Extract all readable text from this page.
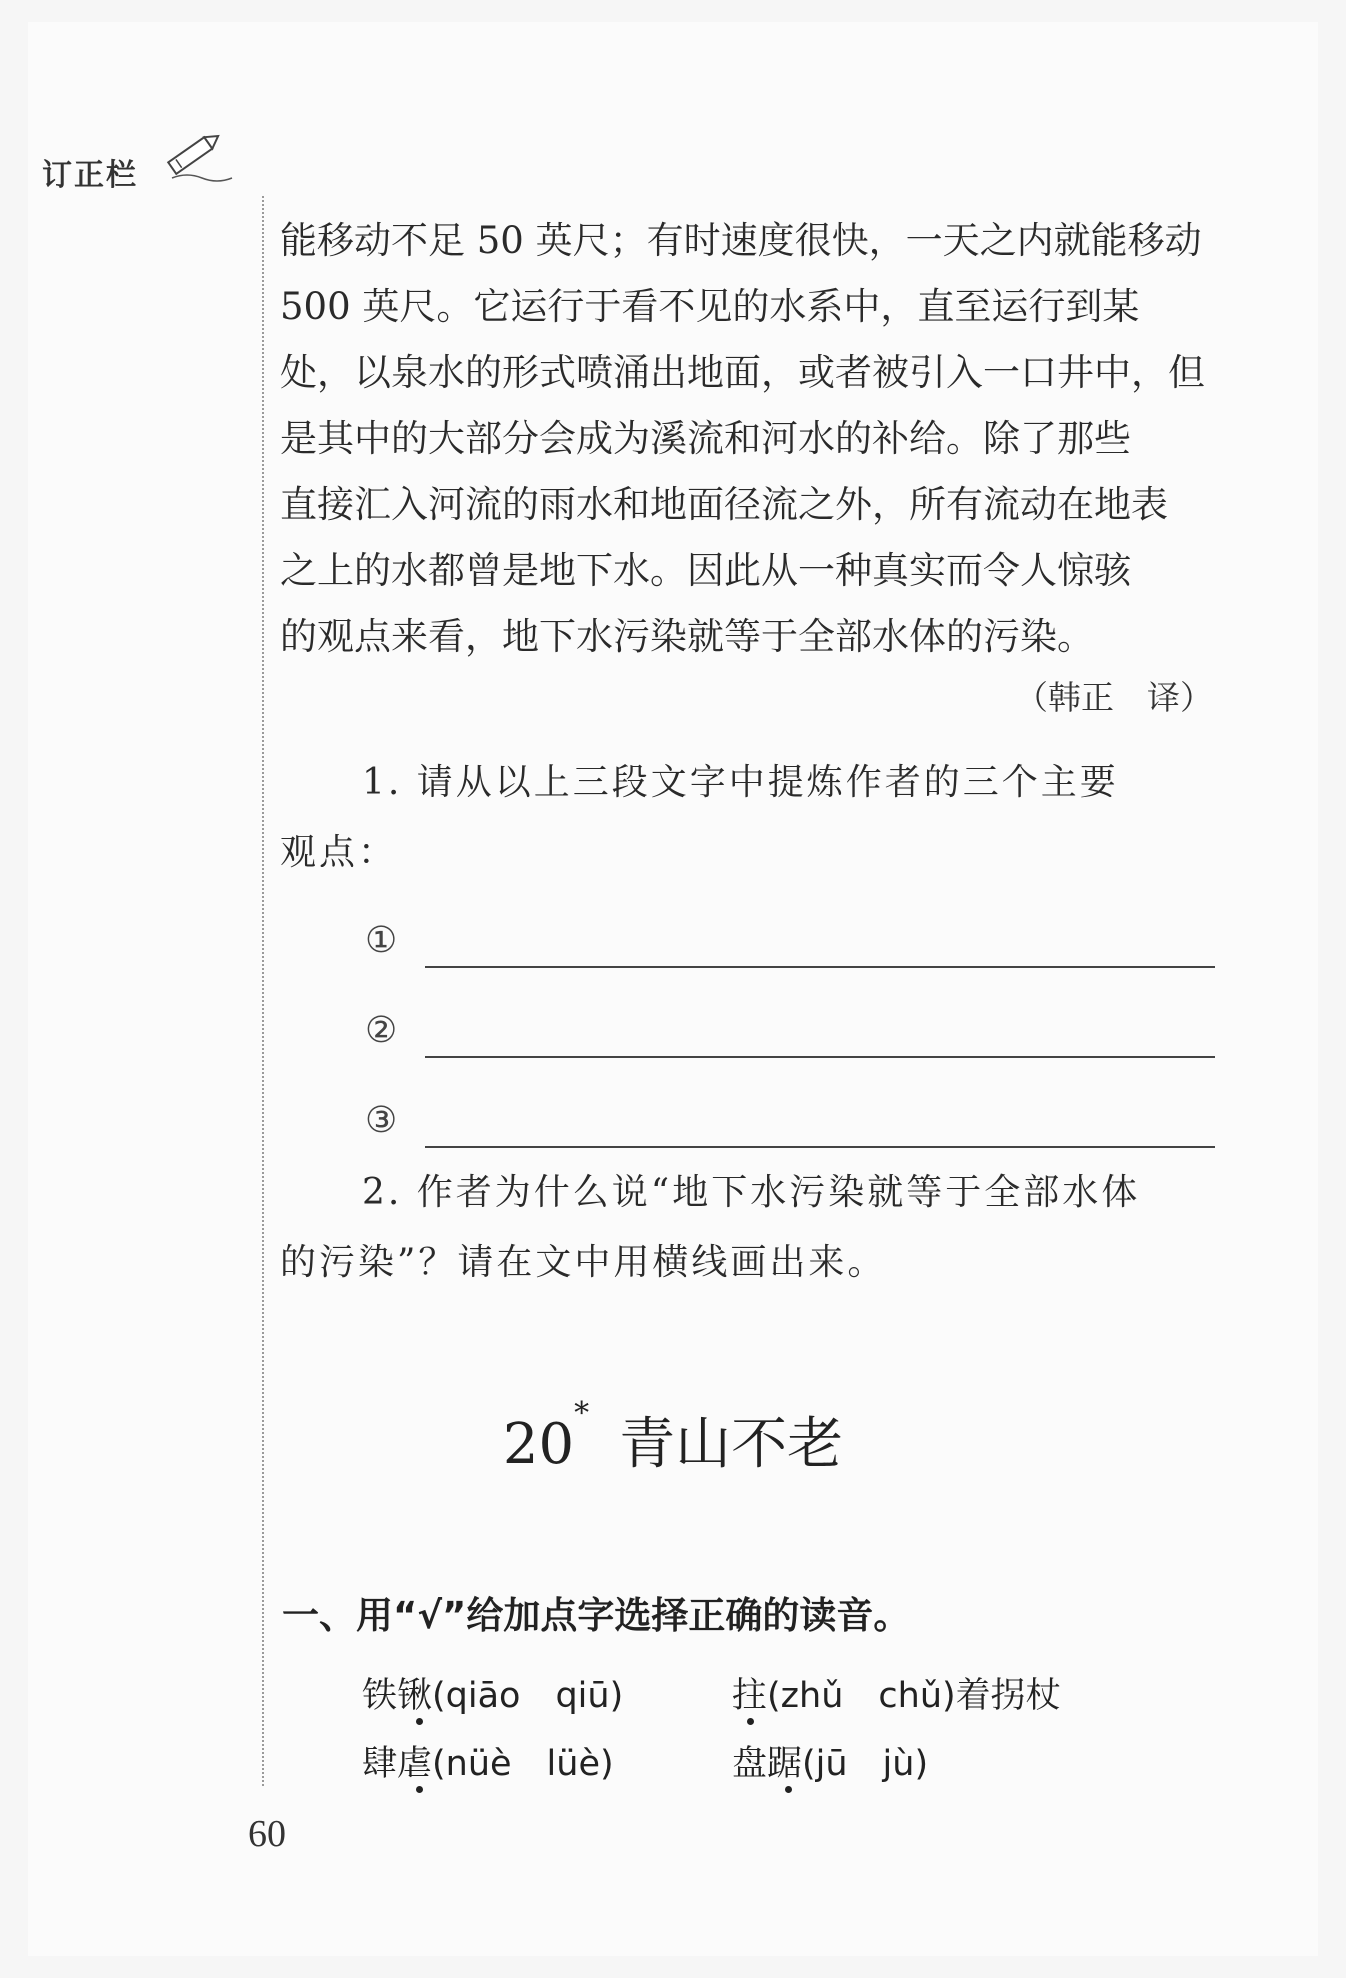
订正栏
能移动不足 50 英尺；有时速度很快，一天之内就能移动
500 英尺。它运行于看不见的水系中，直至运行到某
处，以泉水的形式喷涌出地面，或者被引入一口井中，但
是其中的大部分会成为溪流和河水的补给。除了那些
直接汇入河流的雨水和地面径流之外，所有流动在地表
之上的水都曾是地下水。因此从一种真实而令人惊骇
的观点来看，地下水污染就等于全部水体的污染。
（韩正　译）
1. 请从以上三段文字中提炼作者的三个主要
观点：
①
②
③
2. 作者为什么说“地下水污染就等于全部水体
的污染”？请在文中用横线画出来。
20* 青山不老
一、用“√”给加点字选择正确的读音。
铁锹(qiāo　qiū)	拄(zhǔ　chǔ)着拐杖
肆虐(nüè　lüè)	盘踞(jū　jù)
60
